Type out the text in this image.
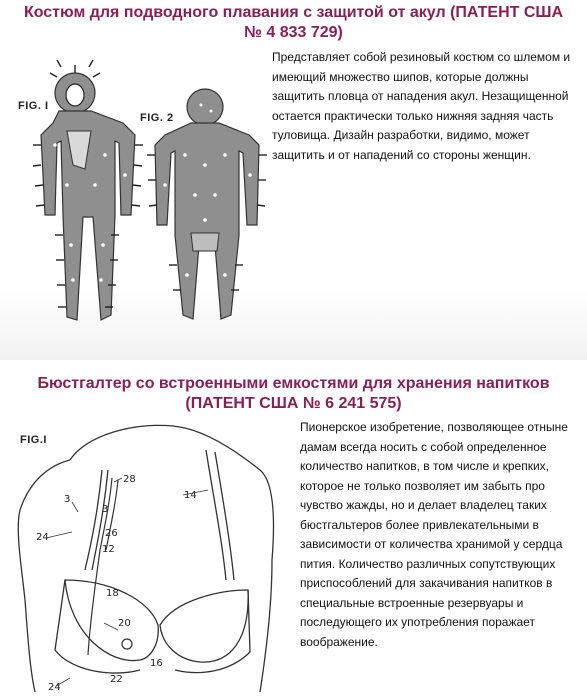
Костюм для подводного плавания с защитой от акул (ПАТЕНТ США
№ 4 833 729)
Представляет собой резиновый костюм со шлемом и имеющий множество шипов, которые должны защитить пловца от нападения акул. Незащищенной остается практически только нижняя задняя часть туловища. Дизайн разработки, видимо, может защитить и от нападений со стороны женщин.
FIG. I
FIG. 2
Бюстгалтер со встроенными емкостями для хранения напитков
(ПАТЕНТ США № 6 241 575)
Пионерское изобретение, позволяющее отныне дамам всегда носить с собой определенное количество напитков, в том числе и крепких, которое не только позволяет им забыть про чувство жажды, но и делает владелец таких бюстгальтеров более привлекательными в зависимости от количества хранимой у сердца пития. Количество различных сопутствующих приспособлений для закачивания напитков в специальные встроенные резервуары и последующего их употребления поражает воображение.
FIG.I
28
14
3
3
24	26
12
18
20
16
22
24
